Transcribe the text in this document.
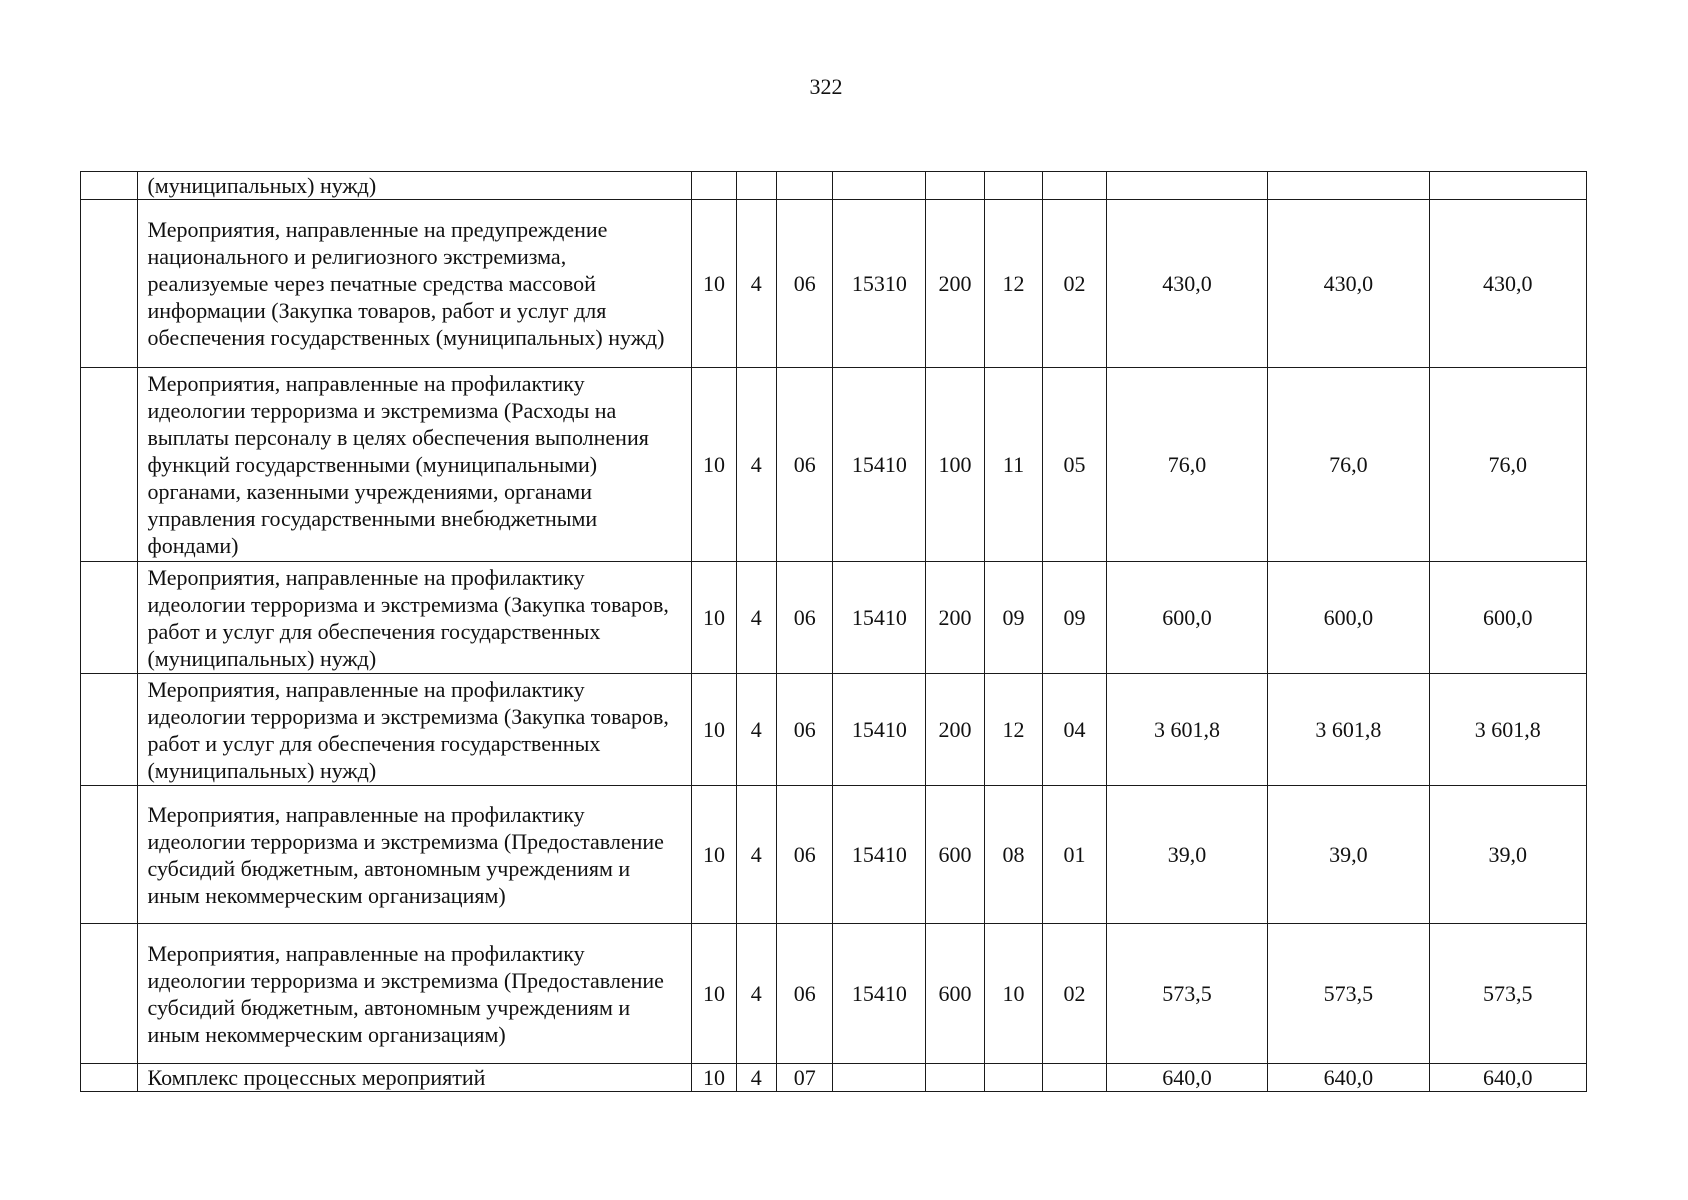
322
	(муниципальных) нужд)										
	Мероприятия, направленные на предупреждение национального и религиозного экстремизма, реализуемые через печатные средства массовой информации (Закупка товаров, работ и услуг для обеспечения государственных (муниципальных) нужд)	10	4	06	15310	200	12	02	430,0	430,0	430,0
	Мероприятия, направленные на профилактику идеологии терроризма и экстремизма (Расходы на выплаты персоналу в целях обеспечения выполнения функций государственными (муниципальными) органами, казенными учреждениями, органами управления государственными внебюджетными фондами)	10	4	06	15410	100	11	05	76,0	76,0	76,0
	Мероприятия, направленные на профилактику идеологии терроризма и экстремизма (Закупка товаров, работ и услуг для обеспечения государственных (муниципальных) нужд)	10	4	06	15410	200	09	09	600,0	600,0	600,0
	Мероприятия, направленные на профилактику идеологии терроризма и экстремизма (Закупка товаров, работ и услуг для обеспечения государственных (муниципальных) нужд)	10	4	06	15410	200	12	04	3 601,8	3 601,8	3 601,8
	Мероприятия, направленные на профилактику идеологии терроризма и экстремизма (Предоставление субсидий бюджетным, автономным учреждениям и иным некоммерческим организациям)	10	4	06	15410	600	08	01	39,0	39,0	39,0
	Мероприятия, направленные на профилактику идеологии терроризма и экстремизма (Предоставление субсидий бюджетным, автономным учреждениям и иным некоммерческим организациям)	10	4	06	15410	600	10	02	573,5	573,5	573,5
	Комплекс процессных мероприятий	10	4	07					640,0	640,0	640,0
